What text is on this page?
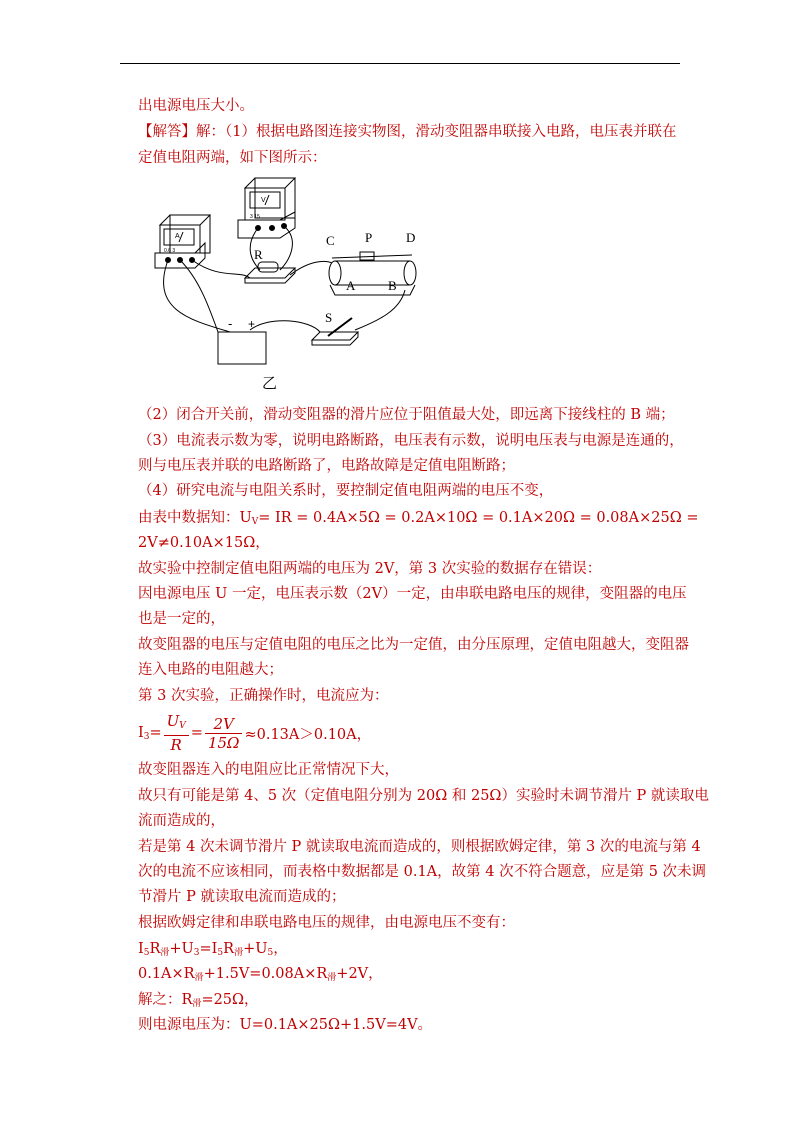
出电源电压大小。
【解答】解：（1）根据电路图连接实物图，滑动变阻器串联接入电路，电压表并联在
定值电阻两端，如下图所示：
A
V
0.6 3
3 15
R
C P	D
A	B
S
- +
乙
（2）闭合开关前，滑动变阻器的滑片应位于阻值最大处，即远离下接线柱的 B 端；
（3）电流表示数为零，说明电路断路，电压表有示数，说明电压表与电源是连通的，
则与电压表并联的电路断路了，电路故障是定值电阻断路；
（4）研究电流与电阻关系时，要控制定值电阻两端的电压不变，
由 表 中 数 据 知： $U_V$ = IR = 0.4A×5Ω = 0.2A×10Ω = 0.1A×20Ω = 0.08A×25Ω =
2V≠0.10A×15Ω，
故实验中控制定值电阻两端的电压为 2V，第 3 次实验的数据存在错误：
因电源电压 U 一定，电压表示数（2V）一定，由串联电路电压的规律，变阻器的电压
也是一定的，
故变阻器的电压与定值电阻的电压之比为一定值，由分压原理，定值电阻越大，变阻器
连入电路的电阻越大；
第 3 次实验，正确操作时，电流应为：
$I_3 = \frac{U_V}{R} = \frac{2V}{15\Omega} \approx 0.13A>0.10A$，
故变阻器连入的电阻应比正常情况下大，
故只有可能是第 4、5 次（定值电阻分别为 20Ω 和 25Ω）实验时未调节滑片 P 就读取电
流而造成的，
若是第 4 次未调节滑片 P 就读取电流而造成的，则根据欧姆定律，第 3 次的电流与第 4
次的电流不应该相同，而表格中数据都是 0.1A，故第 4 次不符合题意，应是第 5 次未调
节滑片 P 就读取电流而造成的；
根据欧姆定律和串联电路电压的规律，由电源电压不变有：
$I_5R_滑+U_3=I_5R_滑+U_5$，
$0.1A\times R_滑+1.5V=0.08A\times R_滑+2V$，
解之：$R_滑=25\Omega$，
则电源电压为：U=0.1A×25Ω+1.5V=4V。
